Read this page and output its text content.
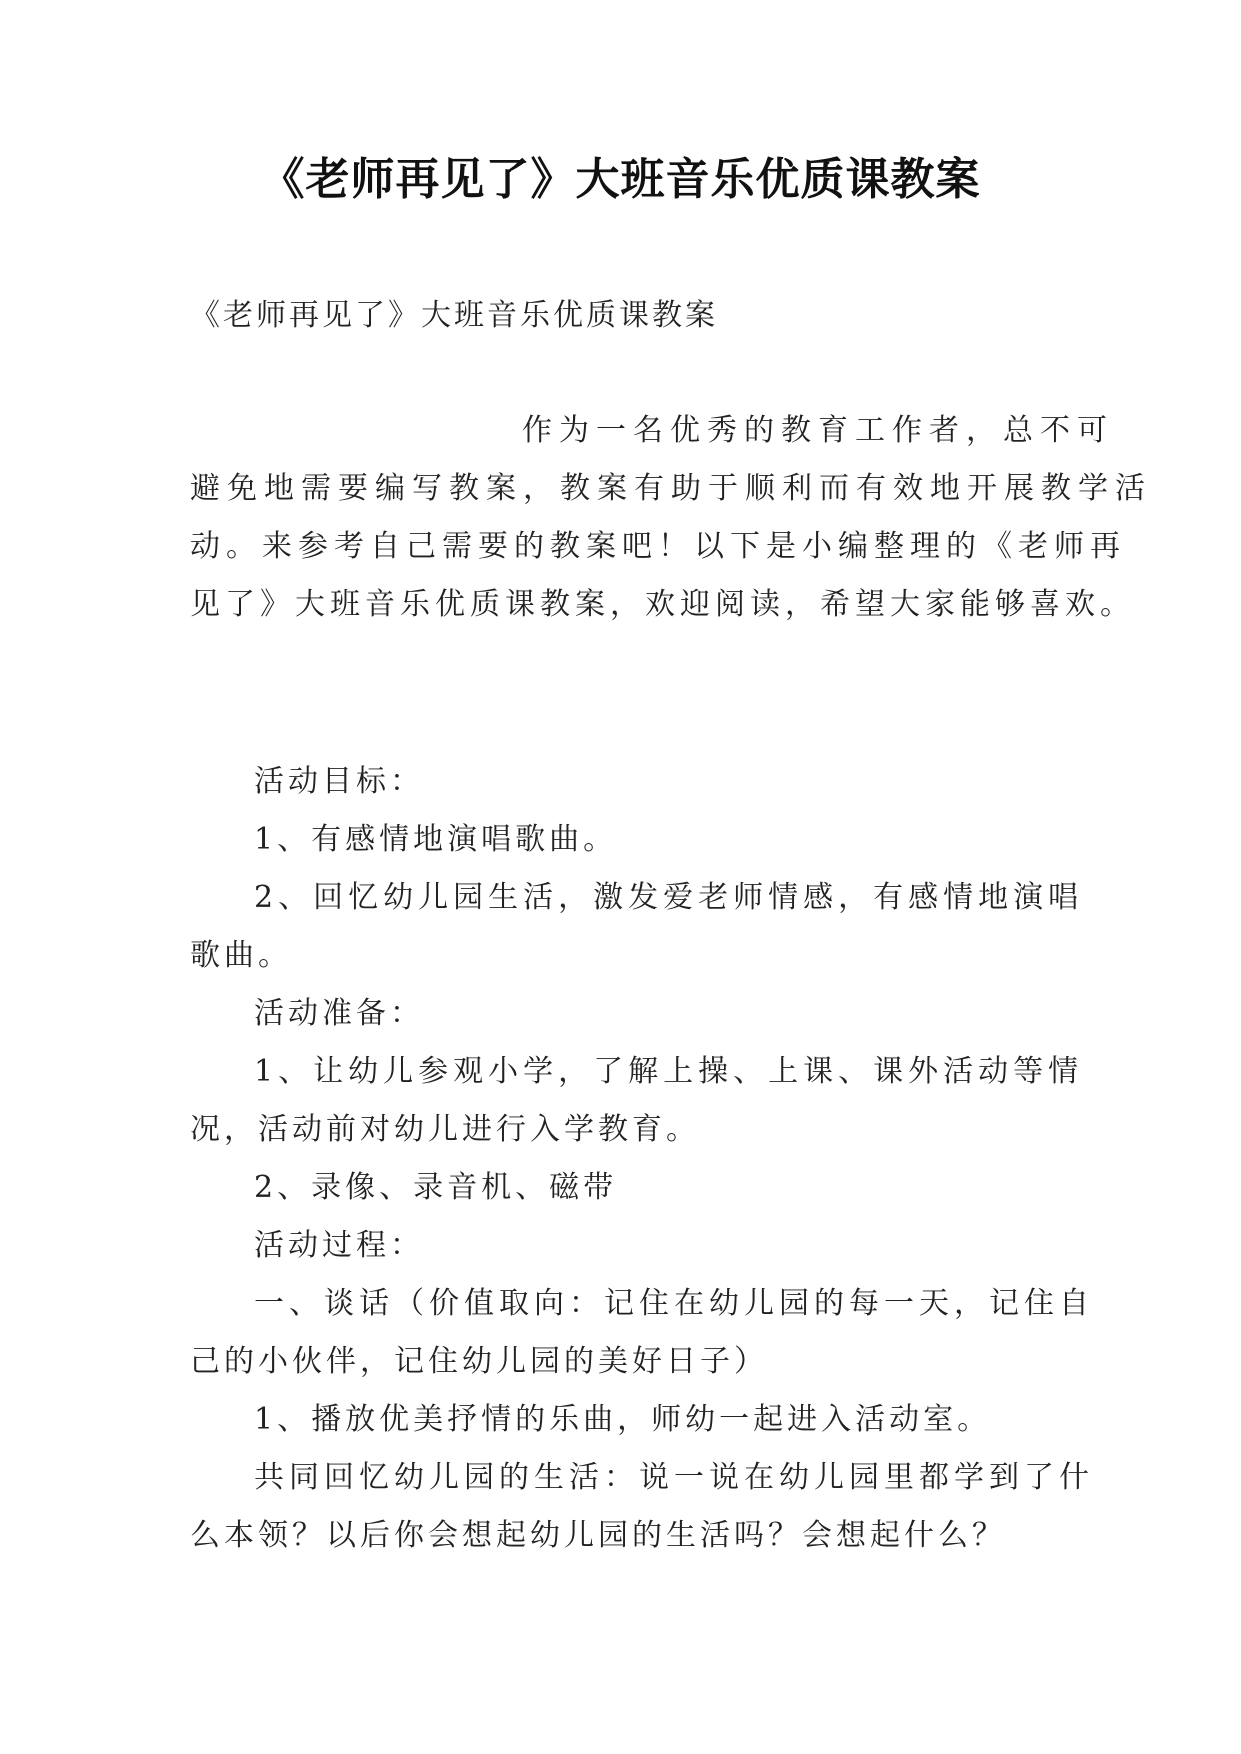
《老师再见了》大班音乐优质课教案
《老师再见了》大班音乐优质课教案
作为一名优秀的教育工作者，总不可
避免地需要编写教案，教案有助于顺利而有效地开展教学活
动。来参考自己需要的教案吧！以下是小编整理的《老师再
见了》大班音乐优质课教案，欢迎阅读，希望大家能够喜欢。
活动目标：
1、有感情地演唱歌曲。
2、回忆幼儿园生活，激发爱老师情感，有感情地演唱
歌曲。
活动准备：
1、让幼儿参观小学，了解上操、上课、课外活动等情
况，活动前对幼儿进行入学教育。
2、录像、录音机、磁带
活动过程：
一、谈话（价值取向：记住在幼儿园的每一天，记住自
己的小伙伴，记住幼儿园的美好日子）
1、播放优美抒情的乐曲，师幼一起进入活动室。
共同回忆幼儿园的生活：说一说在幼儿园里都学到了什
么本领？以后你会想起幼儿园的生活吗？会想起什么？
